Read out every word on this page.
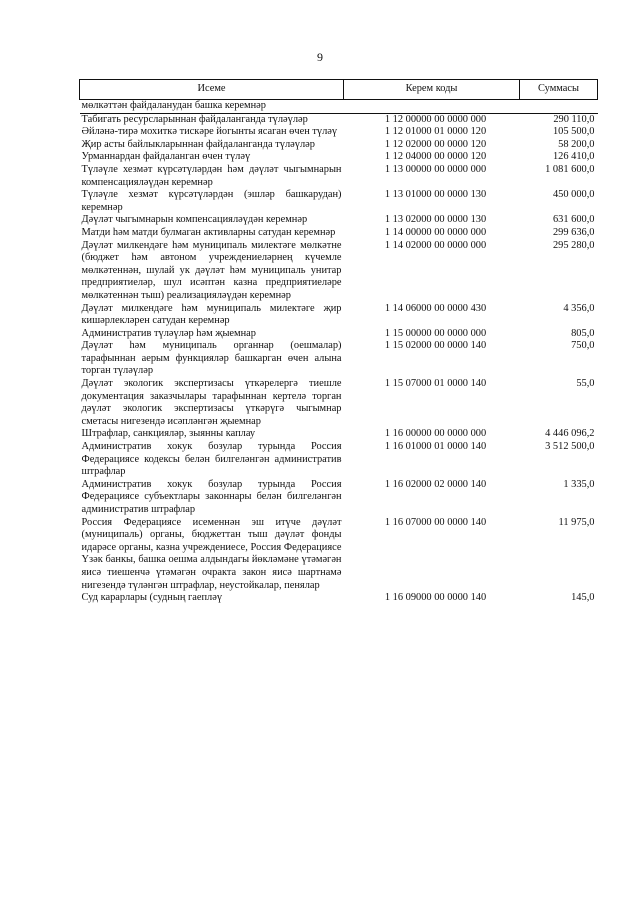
9
Исеме	Керем коды	Суммасы
мөлкәттән файдаланудан башка керемнәр		
Табигать ресурсларыннан файдаланганда түләүләр	1 12 00000 00 0000 000	290 110,0
Әйләнә-тирә мохиткә тискәре йогынты ясаган өчен түләү	1 12 01000 01 0000 120	105 500,0
Җир асты байлыкларыннан файдаланганда түләүләр	1 12 02000 00 0000 120	58 200,0
Урманнардан файдаланган өчен түләү	1 12 04000 00 0000 120	126 410,0
Түләүле хезмәт күрсәтүләрдән һәм дәүләт чыгымнарын компенсацияләүдән керемнәр	1 13 00000 00 0000 000	1 081 600,0
Түләүле хезмәт күрсәтүләрдән (эшләр башкарудан) керемнәр	1 13 01000 00 0000 130	450 000,0
Дәүләт чыгымнарын компенсацияләүдән керемнәр	1 13 02000 00 0000 130	631 600,0
Матди һәм матди булмаган активларны сатудан керемнәр	1 14 00000 00 0000 000	299 636,0
Дәүләт милкендәге һәм муниципаль милектәге мөлкәтне (бюджет һәм автоном учреждениеләрнең күчемле мөлкәтеннән, шулай ук дәүләт һәм муниципаль унитар предприятиеләр, шул исәптән казна предприятиеләре мөлкәтеннән тыш) реализацияләүдән керемнәр	1 14 02000 00 0000 000	295 280,0
Дәүләт милкендәге һәм муниципаль милектәге җир кишәрлекләрен сатудан керемнәр	1 14 06000 00 0000 430	4 356,0
Административ түләүләр һәм җыемнар	1 15 00000 00 0000 000	805,0
Дәүләт һәм муниципаль органнар (оешмалар) тарафыннан аерым функцияләр башкарган өчен алына торган түләүләр	1 15 02000 00 0000 140	750,0
Дәүләт экологик экспертизасы үткәрелергә тиешле документация заказчылары тарафыннан кертелә торган дәүләт экологик экспертизасы үткәрүгә чыгымнар сметасы нигезендә исәпләнгән җыемнар	1 15 07000 01 0000 140	55,0
Штрафлар, санкцияләр, зыянны каплау	1 16 00000 00 0000 000	4 446 096,2
Административ хокук бозулар турында Россия Федерациясе кодексы белән билгеләнгән административ штрафлар	1 16 01000 01 0000 140	3 512 500,0
Административ хокук бозулар турында Россия Федерациясе субъектлары законнары белән билгеләнгән административ штрафлар	1 16 02000 02 0000 140	1 335,0
Россия Федерациясе исеменнән эш итүче дәүләт (муниципаль) органы, бюджеттан тыш дәүләт фонды идарәсе органы, казна учреждениесе, Россия Федерациясе Үзәк банкы, башка оешма алдындагы йөкләмәне үтәмәгән яисә тиешенчә үтәмәгән очракта закон яисә шартнамә нигезендә түләнгән штрафлар, неустойкалар, пенялар	1 16 07000 00 0000 140	11 975,0
Суд карарлары (судның гаепләү	1 16 09000 00 0000 140	145,0
